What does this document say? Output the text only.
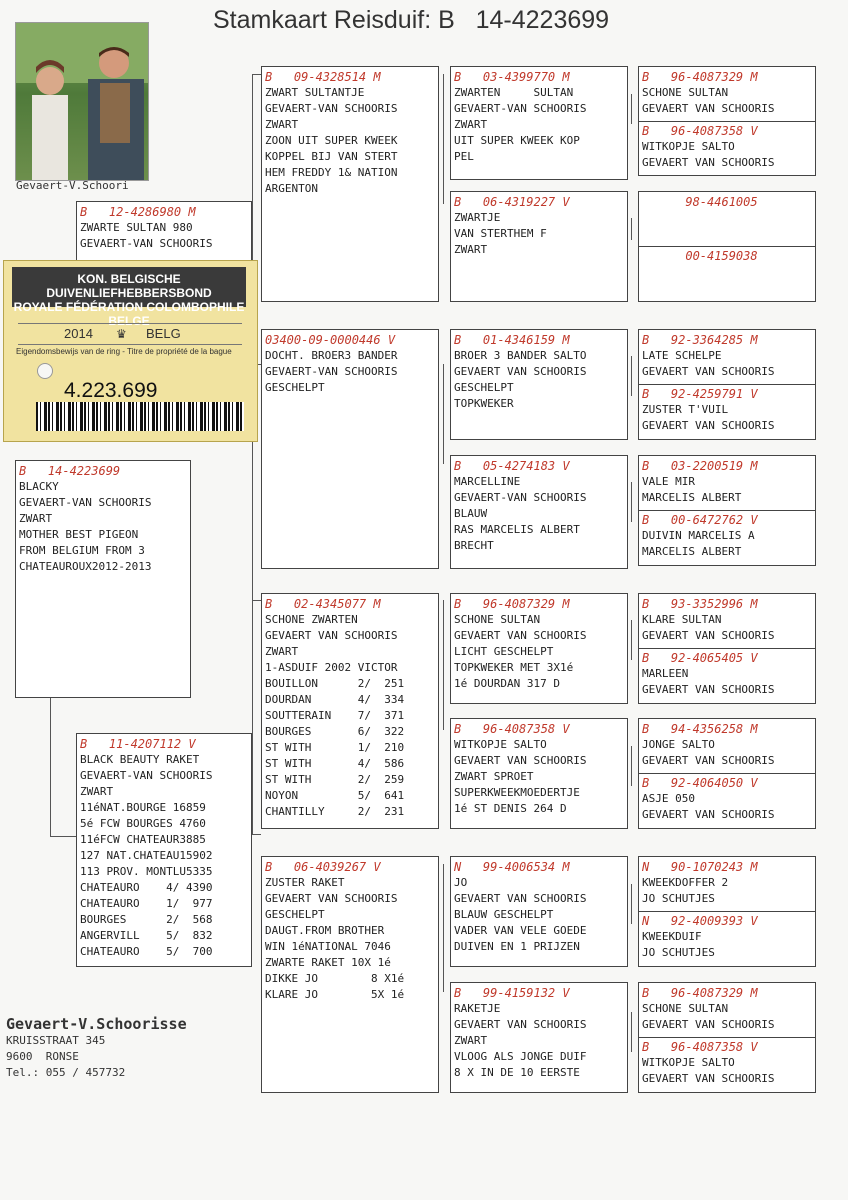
Stamkaart Reisduif: B   14-4223699
Gevaert-V.Schoori
B   12-4286980 M
ZWARTE SULTAN 980
GEVAERT-VAN SCHOORIS
B   14-4223699
BLACKY
GEVAERT-VAN SCHOORIS
ZWART
MOTHER BEST PIGEON
FROM BELGIUM FROM 3
CHATEAUROUX2012-2013
KON. BELGISCHE DUIVENLIEFHEBBERSBOND
ROYALE FÉDÉRATION COLOMBOPHILE BELGE
2014 ♛ BELG
Eigendomsbewijs van de ring - Titre de propriété de la bague
4.223.699
B   11-4207112 V
BLACK BEAUTY RAKET
GEVAERT-VAN SCHOORIS
ZWART
11éNAT.BOURGE 16859
5é FCW BOURGES 4760
11éFCW CHATEAUR3885
127 NAT.CHATEAU15902
113 PROV. MONTLU5335
CHATEAURO    4/ 4390
CHATEAURO    1/  977
BOURGES      2/  568
ANGERVILL    5/  832
CHATEAURO    5/  700
B   09-4328514 M
ZWART SULTANTJE
GEVAERT-VAN SCHOORIS
ZWART
ZOON UIT SUPER KWEEK
KOPPEL BIJ VAN STERT
HEM FREDDY 1& NATION
ARGENTON
03400-09-0000446 V
DOCHT. BROER3 BANDER
GEVAERT-VAN SCHOORIS
GESCHELPT
B   02-4345077 M
SCHONE ZWARTEN
GEVAERT VAN SCHOORIS
ZWART
1-ASDUIF 2002 VICTOR
BOUILLON      2/  251
DOURDAN       4/  334
SOUTTERAIN    7/  371
BOURGES       6/  322
ST WITH       1/  210
ST WITH       4/  586
ST WITH       2/  259
NOYON         5/  641
CHANTILLY     2/  231
B   06-4039267 V
ZUSTER RAKET
GEVAERT VAN SCHOORIS
GESCHELPT
DAUGT.FROM BROTHER
WIN 1éNATIONAL 7046
ZWARTE RAKET 10X 1é
DIKKE JO        8 X1é
KLARE JO        5X 1é
B   03-4399770 M
ZWARTEN     SULTAN
GEVAERT-VAN SCHOORIS
ZWART
UIT SUPER KWEEK KOP
PEL
B   06-4319227 V
ZWARTJE
VAN STERTHEM F
ZWART
B   01-4346159 M
BROER 3 BANDER SALTO
GEVAERT VAN SCHOORIS
GESCHELPT
TOPKWEKER
B   05-4274183 V
MARCELLINE
GEVAERT-VAN SCHOORIS
BLAUW
RAS MARCELIS ALBERT
BRECHT
B   96-4087329 M
SCHONE SULTAN
GEVAERT VAN SCHOORIS
LICHT GESCHELPT
TOPKWEKER MET 3X1é
1é DOURDAN 317 D
B   96-4087358 V
WITKOPJE SALTO
GEVAERT VAN SCHOORIS
ZWART SPROET
SUPERKWEEKMOEDERTJE
1é ST DENIS 264 D
N   99-4006534 M
JO
GEVAERT VAN SCHOORIS
BLAUW GESCHELPT
VADER VAN VELE GOEDE
DUIVEN EN 1 PRIJZEN
B   99-4159132 V
RAKETJE
GEVAERT VAN SCHOORIS
ZWART
VLOOG ALS JONGE DUIF
8 X IN DE 10 EERSTE
B   96-4087329 M
SCHONE SULTAN
GEVAERT VAN SCHOORIS
B   96-4087358 V
WITKOPJE SALTO
GEVAERT VAN SCHOORIS
98-4461005
00-4159038
B   92-3364285 M
LATE SCHELPE
GEVAERT VAN SCHOORIS
B   92-4259791 V
ZUSTER T'VUIL
GEVAERT VAN SCHOORIS
B   03-2200519 M
VALE MIR
MARCELIS ALBERT
B   00-6472762 V
DUIVIN MARCELIS A
MARCELIS ALBERT
B   93-3352996 M
KLARE SULTAN
GEVAERT VAN SCHOORIS
B   92-4065405 V
MARLEEN
GEVAERT VAN SCHOORIS
B   94-4356258 M
JONGE SALTO
GEVAERT VAN SCHOORIS
B   92-4064050 V
ASJE 050
GEVAERT VAN SCHOORIS
N   90-1070243 M
KWEEKDOFFER 2
JO SCHUTJES
N   92-4009393 V
KWEEKDUIF
JO SCHUTJES
B   96-4087329 M
SCHONE SULTAN
GEVAERT VAN SCHOORIS
B   96-4087358 V
WITKOPJE SALTO
GEVAERT VAN SCHOORIS
Gevaert-V.Schoorisse
KRUISSTRAAT 345
9600  RONSE
Tel.: 055 / 457732
